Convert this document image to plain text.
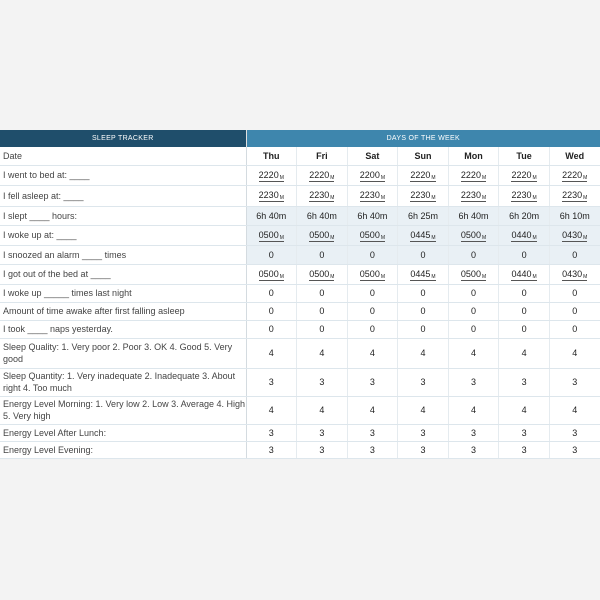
SLEEP TRACKER	DAYS OF THE WEEK						
Date	Thu	Fri	Sat	Sun	Mon	Tue	Wed
I went to bed at: ____	2220M	2220M	2200M	2220M	2220M	2220M	2220M

I fell asleep at: ____	2230M	2230M	2230M	2230M	2230M	2230M	2230M

I slept ____ hours:	6h 40m	6h 40m	6h 40m	6h 25m	6h 40m	6h 20m	6h 10m
I woke up at: ____	0500M	0500M	0500M	0445M	0500M	0440M	0430M

I snoozed an alarm ____ times	0	0	0	0	0	0	0
I got out of the bed at ____	0500M	0500M	0500M	0445M	0500M	0440M	0430M

I woke up _____ times last night	0	0	0	0	0	0	0
Amount of time awake after first falling asleep	0	0	0	0	0	0	0
I took ____ naps yesterday.	0	0	0	0	0	0	0
Sleep Quality: 1. Very poor 2. Poor 3. OK 4. Good 5. Very good	4	4	4	4	4	4	4
Sleep Quantity: 1. Very inadequate 2. Inadequate 3. About right 4. Too much	3	3	3	3	3	3	3
Energy Level Morning: 1. Very low 2. Low 3. Average 4. High 5. Very high	4	4	4	4	4	4	4
Energy Level After Lunch:	3	3	3	3	3	3	3
Energy Level Evening:	3	3	3	3	3	3	3
